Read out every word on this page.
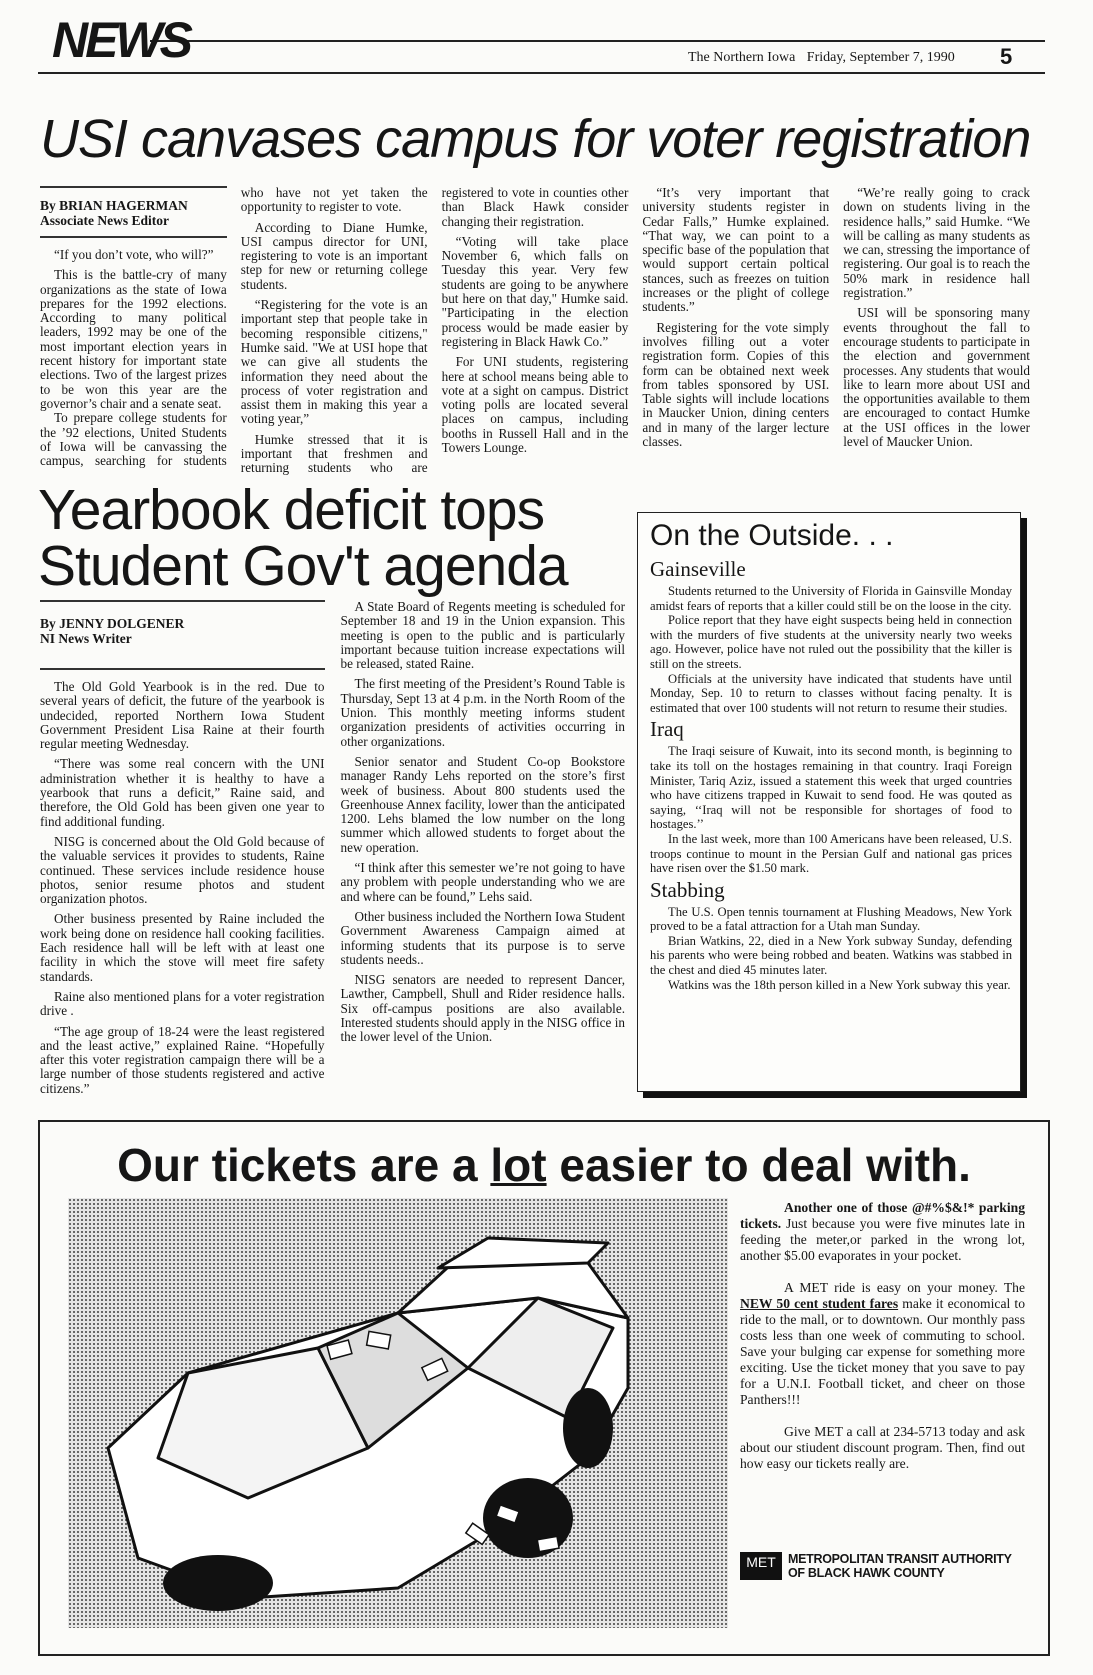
NEWS	The Northern Iowa Friday, September 7, 1990 5
USI canvases campus for voter registration
By BRIAN HAGERMAN
Associate News Editor

“If you don’t vote, who will?”

This is the battle-cry of many organizations as the state of Iowa prepares for the 1992 elections. According to many political leaders, 1992 may be one of the most important election years in recent history for important state elections. Two of the largest prizes to be won this year are the governor’s chair and a senate seat.

To prepare college students for the ’92 elections, United Students of Iowa will be canvassing the campus, searching for students who have not yet taken the opportunity to register to vote.

According to Diane Humke, USI campus director for UNI, registering to vote is an important step for new or returning college students.

“Registering for the vote is an important step that people take in becoming responsible citizens," Humke said. "We at USI hope that we can give all students the information they need about the process of voter registration and assist them in making this year a voting year,”

Humke stressed that it is important that freshmen and returning students who are registered to vote in counties other than Black Hawk consider changing their registration.

“Voting will take place November 6, which falls on Tuesday this year. Very few students are going to be anywhere but here on that day," Humke said. "Participating in the election process would be made easier by registering in Black Hawk Co.”

For UNI students, registering here at school means being able to vote at a sight on campus. District voting polls are located several places on campus, including booths in Russell Hall and in the Towers Lounge.

“It’s very important that university students register in Cedar Falls,” Humke explained. “That way, we can point to a specific base of the population that would support certain poltical stances, such as freezes on tuition increases or the plight of college students.”

Registering for the vote simply involves filling out a voter registration form. Copies of this form can be obtained next week from tables sponsored by USI. Table sights will include locations in Maucker Union, dining centers and in many of the larger lecture classes.

“We’re really going to crack down on students living in the residence halls,” said Humke. “We will be calling as many students as we can, stressing the importance of registering. Our goal is to reach the 50% mark in residence hall registration.”

USI will be sponsoring many events throughout the fall to encourage students to participate in the election and government processes. Any students that would like to learn more about USI and the opportunities available to them are encouraged to contact Humke at the USI offices in the lower level of Maucker Union.

Yearbook deficit tops
Student Gov't agenda
By JENNY DOLGENER
NI News Writer

The Old Gold Yearbook is in the red. Due to several years of deficit, the future of the yearbook is undecided, reported Northern Iowa Student Government President Lisa Raine at their fourth regular meeting Wednesday.

“There was some real concern with the UNI administration whether it is healthy to have a yearbook that runs a deficit,” Raine said, and therefore, the Old Gold has been given one year to find additional funding.

NISG is concerned about the Old Gold because of the valuable services it provides to students, Raine continued. These services include residence house photos, senior resume photos and student organization photos.

Other business presented by Raine included the work being done on residence hall cooking facilities. Each residence hall will be left with at least one facility in which the stove will meet fire safety standards.

Raine also mentioned plans for a voter registration drive .

“The age group of 18-24 were the least registered and the least active,” explained Raine. “Hopefully after this voter registration campaign there will be a large number of those students registered and active citizens.”

A State Board of Regents meeting is scheduled for September 18 and 19 in the Union expansion. This meeting is open to the public and is particularly important because tuition increase expectations will be released, stated Raine.

The first meeting of the President’s Round Table is Thursday, Sept 13 at 4 p.m. in the North Room of the Union. This monthly meeting informs student organization presidents of activities occurring in other organizations.

Senior senator and Student Co-op Bookstore manager Randy Lehs reported on the store’s first week of business. About 800 students used the Greenhouse Annex facility, lower than the anticipated 1200. Lehs blamed the low number on the long summer which allowed students to forget about the new operation.

“I think after this semester we’re not going to have any problem with people understanding who we are and where can be found,” Lehs said.

Other business included the Northern Iowa Student Government Awareness Campaign aimed at informing students that its purpose is to serve students needs..

NISG senators are needed to represent Dancer, Lawther, Campbell, Shull and Rider residence halls. Six off-campus positions are also available. Interested students should apply in the NISG office in the lower level of the Union.

On the Outside. . .
Gainseville

Students returned to the University of Florida in Gainsville Monday amidst fears of reports that a killer could still be on the loose in the city.

Police report that they have eight suspects being held in connection with the murders of five students at the university nearly two weeks ago. However, police have not ruled out the possibility that the killer is still on the streets.

Officials at the university have indicated that students have until Monday, Sep. 10 to return to classes without facing penalty. It is estimated that over 100 students will not return to resume their studies.

Iraq

The Iraqi seisure of Kuwait, into its second month, is beginning to take its toll on the hostages remaining in that country. Iraqi Foreign Minister, Tariq Aziz, issued a statement this week that urged countries who have citizens trapped in Kuwait to send food. He was qouted as saying, ‘‘Iraq will not be responsible for shortages of food to hostages.’’

In the last week, more than 100 Americans have been released, U.S. troops continue to mount in the Persian Gulf and national gas prices have risen over the $1.50 mark.

Stabbing

The U.S. Open tennis tournament at Flushing Meadows, New York proved to be a fatal attraction for a Utah man Sunday.

Brian Watkins, 22, died in a New York subway Sunday, defending his parents who were being robbed and beaten. Watkins was stabbed in the chest and died 45 minutes later.

Watkins was the 18th person killed in a New York subway this year.

Our tickets are a lot easier to deal with.

Another one of those @#%$&!* parking tickets. Just because you were five minutes late in feeding the meter,or parked in the wrong lot, another $5.00 evaporates in your pocket.

A MET ride is easy on your money. The NEW 50 cent student fares make it economical to ride to the mall, or to downtown. Our monthly pass costs less than one week of commuting to school. Save your bulging car expense for something more exciting. Use the ticket money that you save to pay for a U.N.I. Football ticket, and cheer on those Panthers!!!

Give MET a call at 234-5713 today and ask about our stiudent discount program. Then, find out how easy our tickets really are.

MET METROPOLITAN TRANSIT AUTHORITY
OF BLACK HAWK COUNTY
